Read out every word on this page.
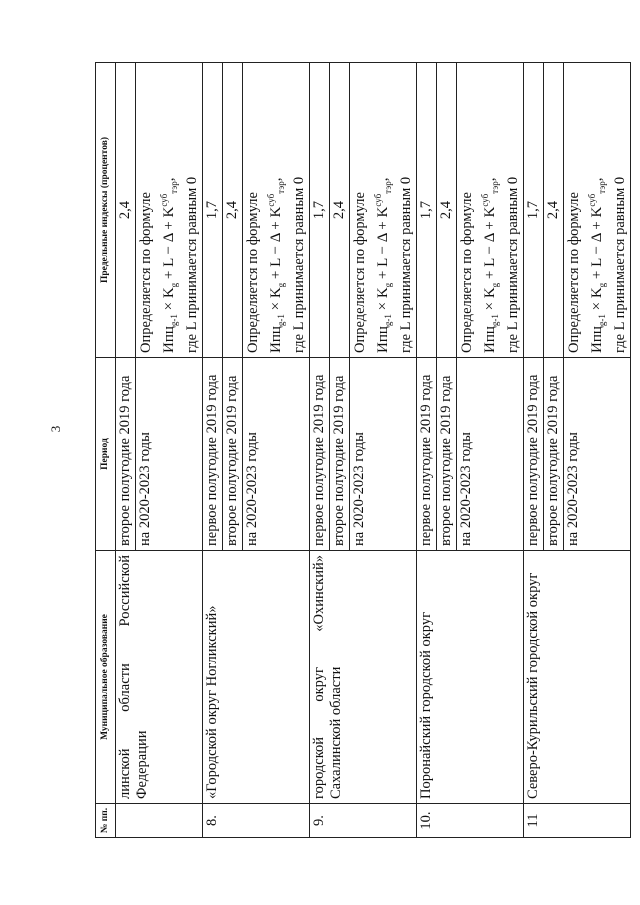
3
№ пп.	Муниципальное образование	Период	Предельные индексы (процентов)
	линской области Российской Федерации	второе полугодие 2019 года	2,4
		на 2020-2023 годы	Определяется по формуле $Ипц_{g-1} \times K_g + L - \Delta + K^{суб}_{тэр}$, где L принимается равным 0

8.	«Городской округ Ногликский»	первое полугодие 2019 года	1,7
		второе полугодие 2019 года	2,4
		на 2020-2023 годы	Определяется по формуле $Ипц_{g-1} \times K_g + L - \Delta + K^{суб}_{тэр}$, где L принимается равным 0

9.	городской округ «Охинский» Сахалинской области	первое полугодие 2019 года	1,7
		второе полугодие 2019 года	2,4
		на 2020-2023 годы	Определяется по формуле $Ипц_{g-1} \times K_g + L - \Delta + K^{суб}_{тэр}$, где L принимается равным 0

10.	Поронайский городской округ	первое полугодие 2019 года	1,7
		второе полугодие 2019 года	2,4
		на 2020-2023 годы	Определяется по формуле $Ипц_{g-1} \times K_g + L - \Delta + K^{суб}_{тэр}$, где L принимается равным 0

11	Северо-Курильский городской округ	первое полугодие 2019 года	1,7
		второе полугодие 2019 года	2,4
		на 2020-2023 годы	Определяется по формуле $Ипц_{g-1} \times K_g + L - \Delta + K^{суб}_{тэр}$, где L принимается равным 0
